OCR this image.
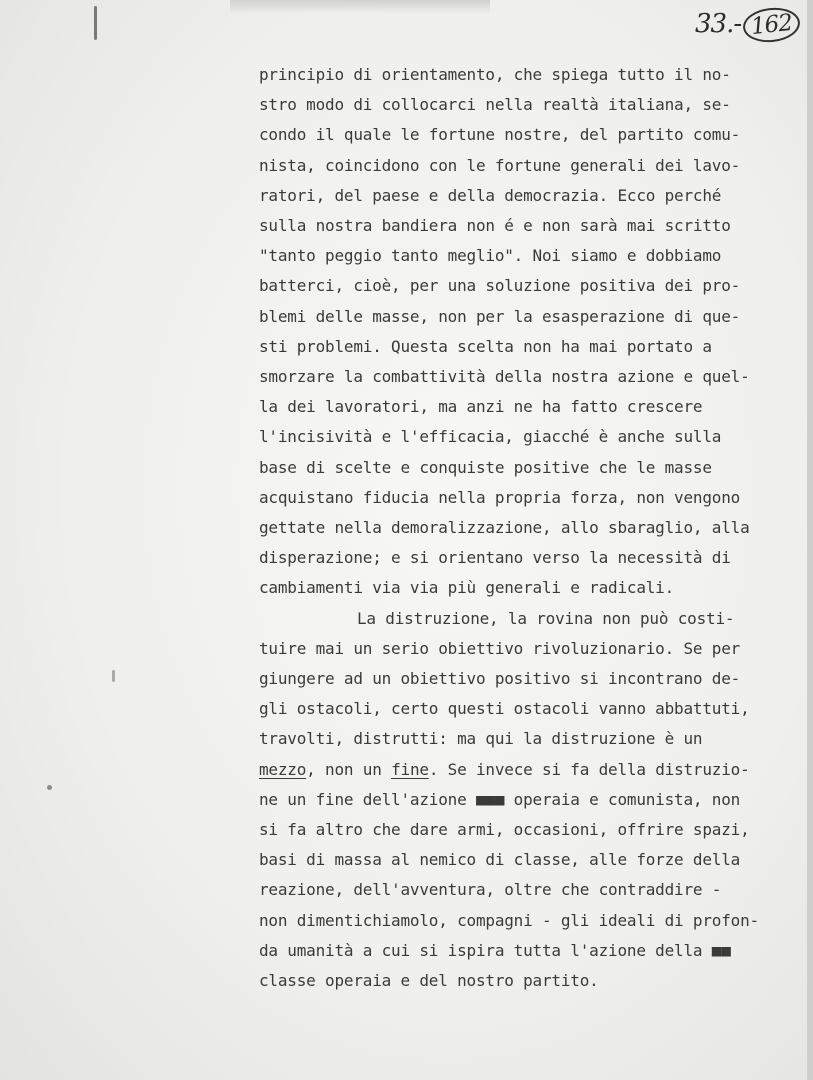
33.- 162
principio di orientamento, che spiega tutto il no-
stro modo di collocarci nella realtà italiana, se-
condo il quale le fortune nostre, del partito comu-
nista, coincidono con le fortune generali dei lavo-
ratori, del paese e della democrazia. Ecco perché
sulla nostra bandiera non é e non sarà mai scritto
"tanto peggio tanto meglio". Noi siamo e dobbiamo
batterci, cioè, per una soluzione positiva dei pro-
blemi delle masse, non per la esasperazione di que-
sti problemi. Questa scelta non ha mai portato a
smorzare la combattività della nostra azione e quel-
la dei lavoratori, ma anzi ne ha fatto crescere
l'incisività e l'efficacia, giacché è anche sulla
base di scelte e conquiste positive che le masse
acquistano fiducia nella propria forza, non vengono
gettate nella demoralizzazione, allo sbaraglio, alla
disperazione; e si orientano verso la necessità di
cambiamenti via via più generali e radicali.
La distruzione, la rovina non può costi-
tuire mai un serio obiettivo rivoluzionario. Se per
giungere ad un obiettivo positivo si incontrano de-
gli ostacoli, certo questi ostacoli vanno abbattuti,
travolti, distrutti: ma qui la distruzione è un
mezzo, non un fine. Se invece si fa della distruzio-
ne un fine dell'azione ■■■ operaia e comunista, non
si fa altro che dare armi, occasioni, offrire spazi,
basi di massa al nemico di classe, alle forze della
reazione, dell'avventura, oltre che contraddire -
non dimentichiamolo, compagni - gli ideali di profon-
da umanità a cui si ispira tutta l'azione della ■■
classe operaia e del nostro partito.
